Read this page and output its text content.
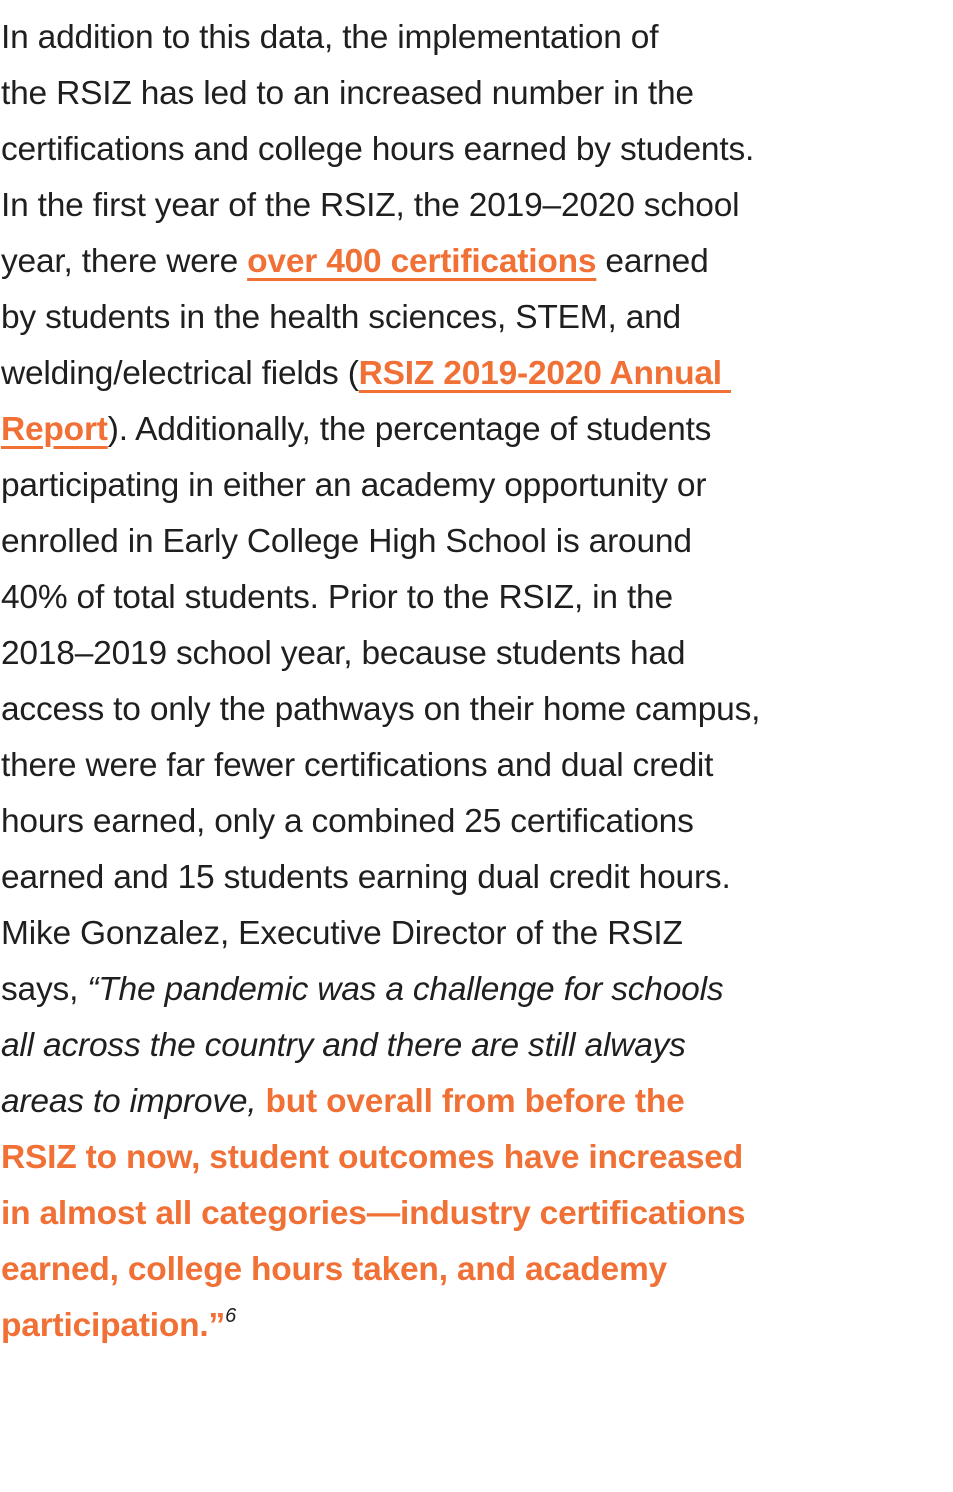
In addition to this data, the implementation of
the RSIZ has led to an increased number in the
certifications and college hours earned by students.
In the first year of the RSIZ, the 2019–2020 school
year, there were over 400 certifications earned
by students in the health sciences, STEM, and
welding/electrical fields (RSIZ 2019-2020 Annual
Report). Additionally, the percentage of students
participating in either an academy opportunity or
enrolled in Early College High School is around
40% of total students. Prior to the RSIZ, in the
2018–2019 school year, because students had
access to only the pathways on their home campus,
there were far fewer certifications and dual credit
hours earned, only a combined 25 certifications
earned and 15 students earning dual credit hours.
Mike Gonzalez, Executive Director of the RSIZ
says, “The pandemic was a challenge for schools
all across the country and there are still always
areas to improve, but overall from before the
RSIZ to now, student outcomes have increased
in almost all categories—industry certifications
earned, college hours taken, and academy
participation.”$^6$
